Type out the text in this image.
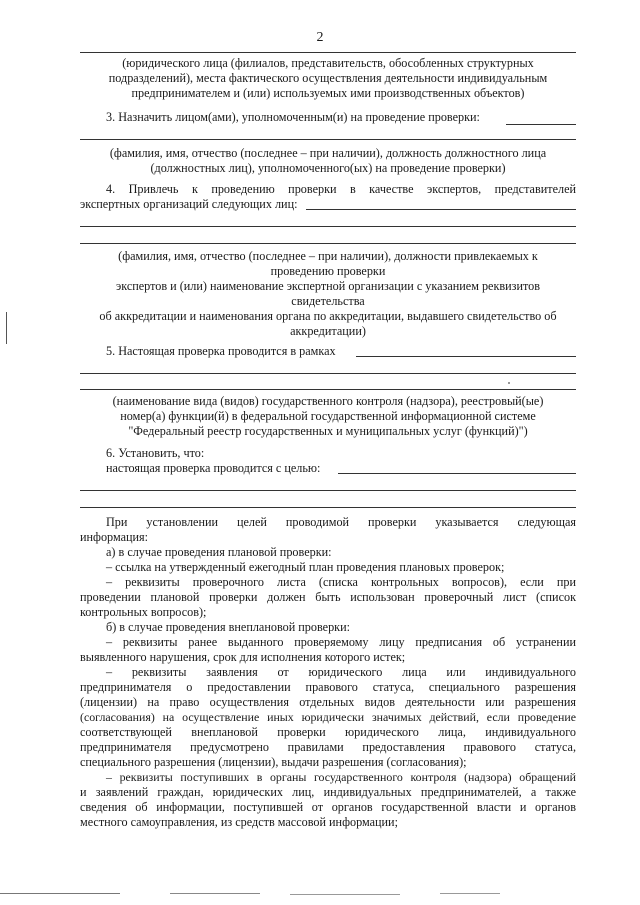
2
(юридического лица (филиалов, представительств, обособленных структурных
подразделений), места фактического осуществления деятельности индивидуальным
предпринимателем и (или) используемых ими производственных объектов)
3. Назначить лицом(ами), уполномоченным(и) на проведение проверки:
(фамилия, имя, отчество (последнее – при наличии), должность должностного лица
(должностных лиц), уполномоченного(ых) на проведение проверки)
4. Привлечь к проведению проверки в качестве экспертов, представителей
экспертных организаций следующих лиц:
(фамилия, имя, отчество (последнее – при наличии), должности привлекаемых к
проведению проверки
экспертов и (или) наименование экспертной организации с указанием реквизитов
свидетельства
об аккредитации и наименования органа по аккредитации, выдавшего свидетельство об
аккредитации)
5. Настоящая проверка проводится в рамках
(наименование вида (видов) государственного контроля (надзора), реестровый(ые)
номер(а) функции(й) в федеральной государственной информационной системе
"Федеральный реестр государственных и муниципальных услуг (функций)")
6. Установить, что:
настоящая проверка проводится с целью:
При установлении целей проводимой проверки указывается следующая
информация:
а) в случае проведения плановой проверки:
– ссылка на утвержденный ежегодный план проведения плановых проверок;
– реквизиты проверочного листа (списка контрольных вопросов), если при
проведении плановой проверки должен быть использован проверочный лист (список
контрольных вопросов);
б) в случае проведения внеплановой проверки:
– реквизиты ранее выданного проверяемому лицу предписания об устранении
выявленного нарушения, срок для исполнения которого истек;
– реквизиты заявления от юридического лица или индивидуального
предпринимателя о предоставлении правового статуса, специального разрешения
(лицензии) на право осуществления отдельных видов деятельности или разрешения
(согласования) на осуществление иных юридически значимых действий, если проведение
соответствующей внеплановой проверки юридического лица, индивидуального
предпринимателя предусмотрено правилами предоставления правового статуса,
специального разрешения (лицензии), выдачи разрешения (согласования);
– реквизиты поступивших в органы государственного контроля (надзора) обращений
и заявлений граждан, юридических лиц, индивидуальных предпринимателей, а также
сведения об информации, поступившей от органов государственной власти и органов
местного самоуправления, из средств массовой информации;
